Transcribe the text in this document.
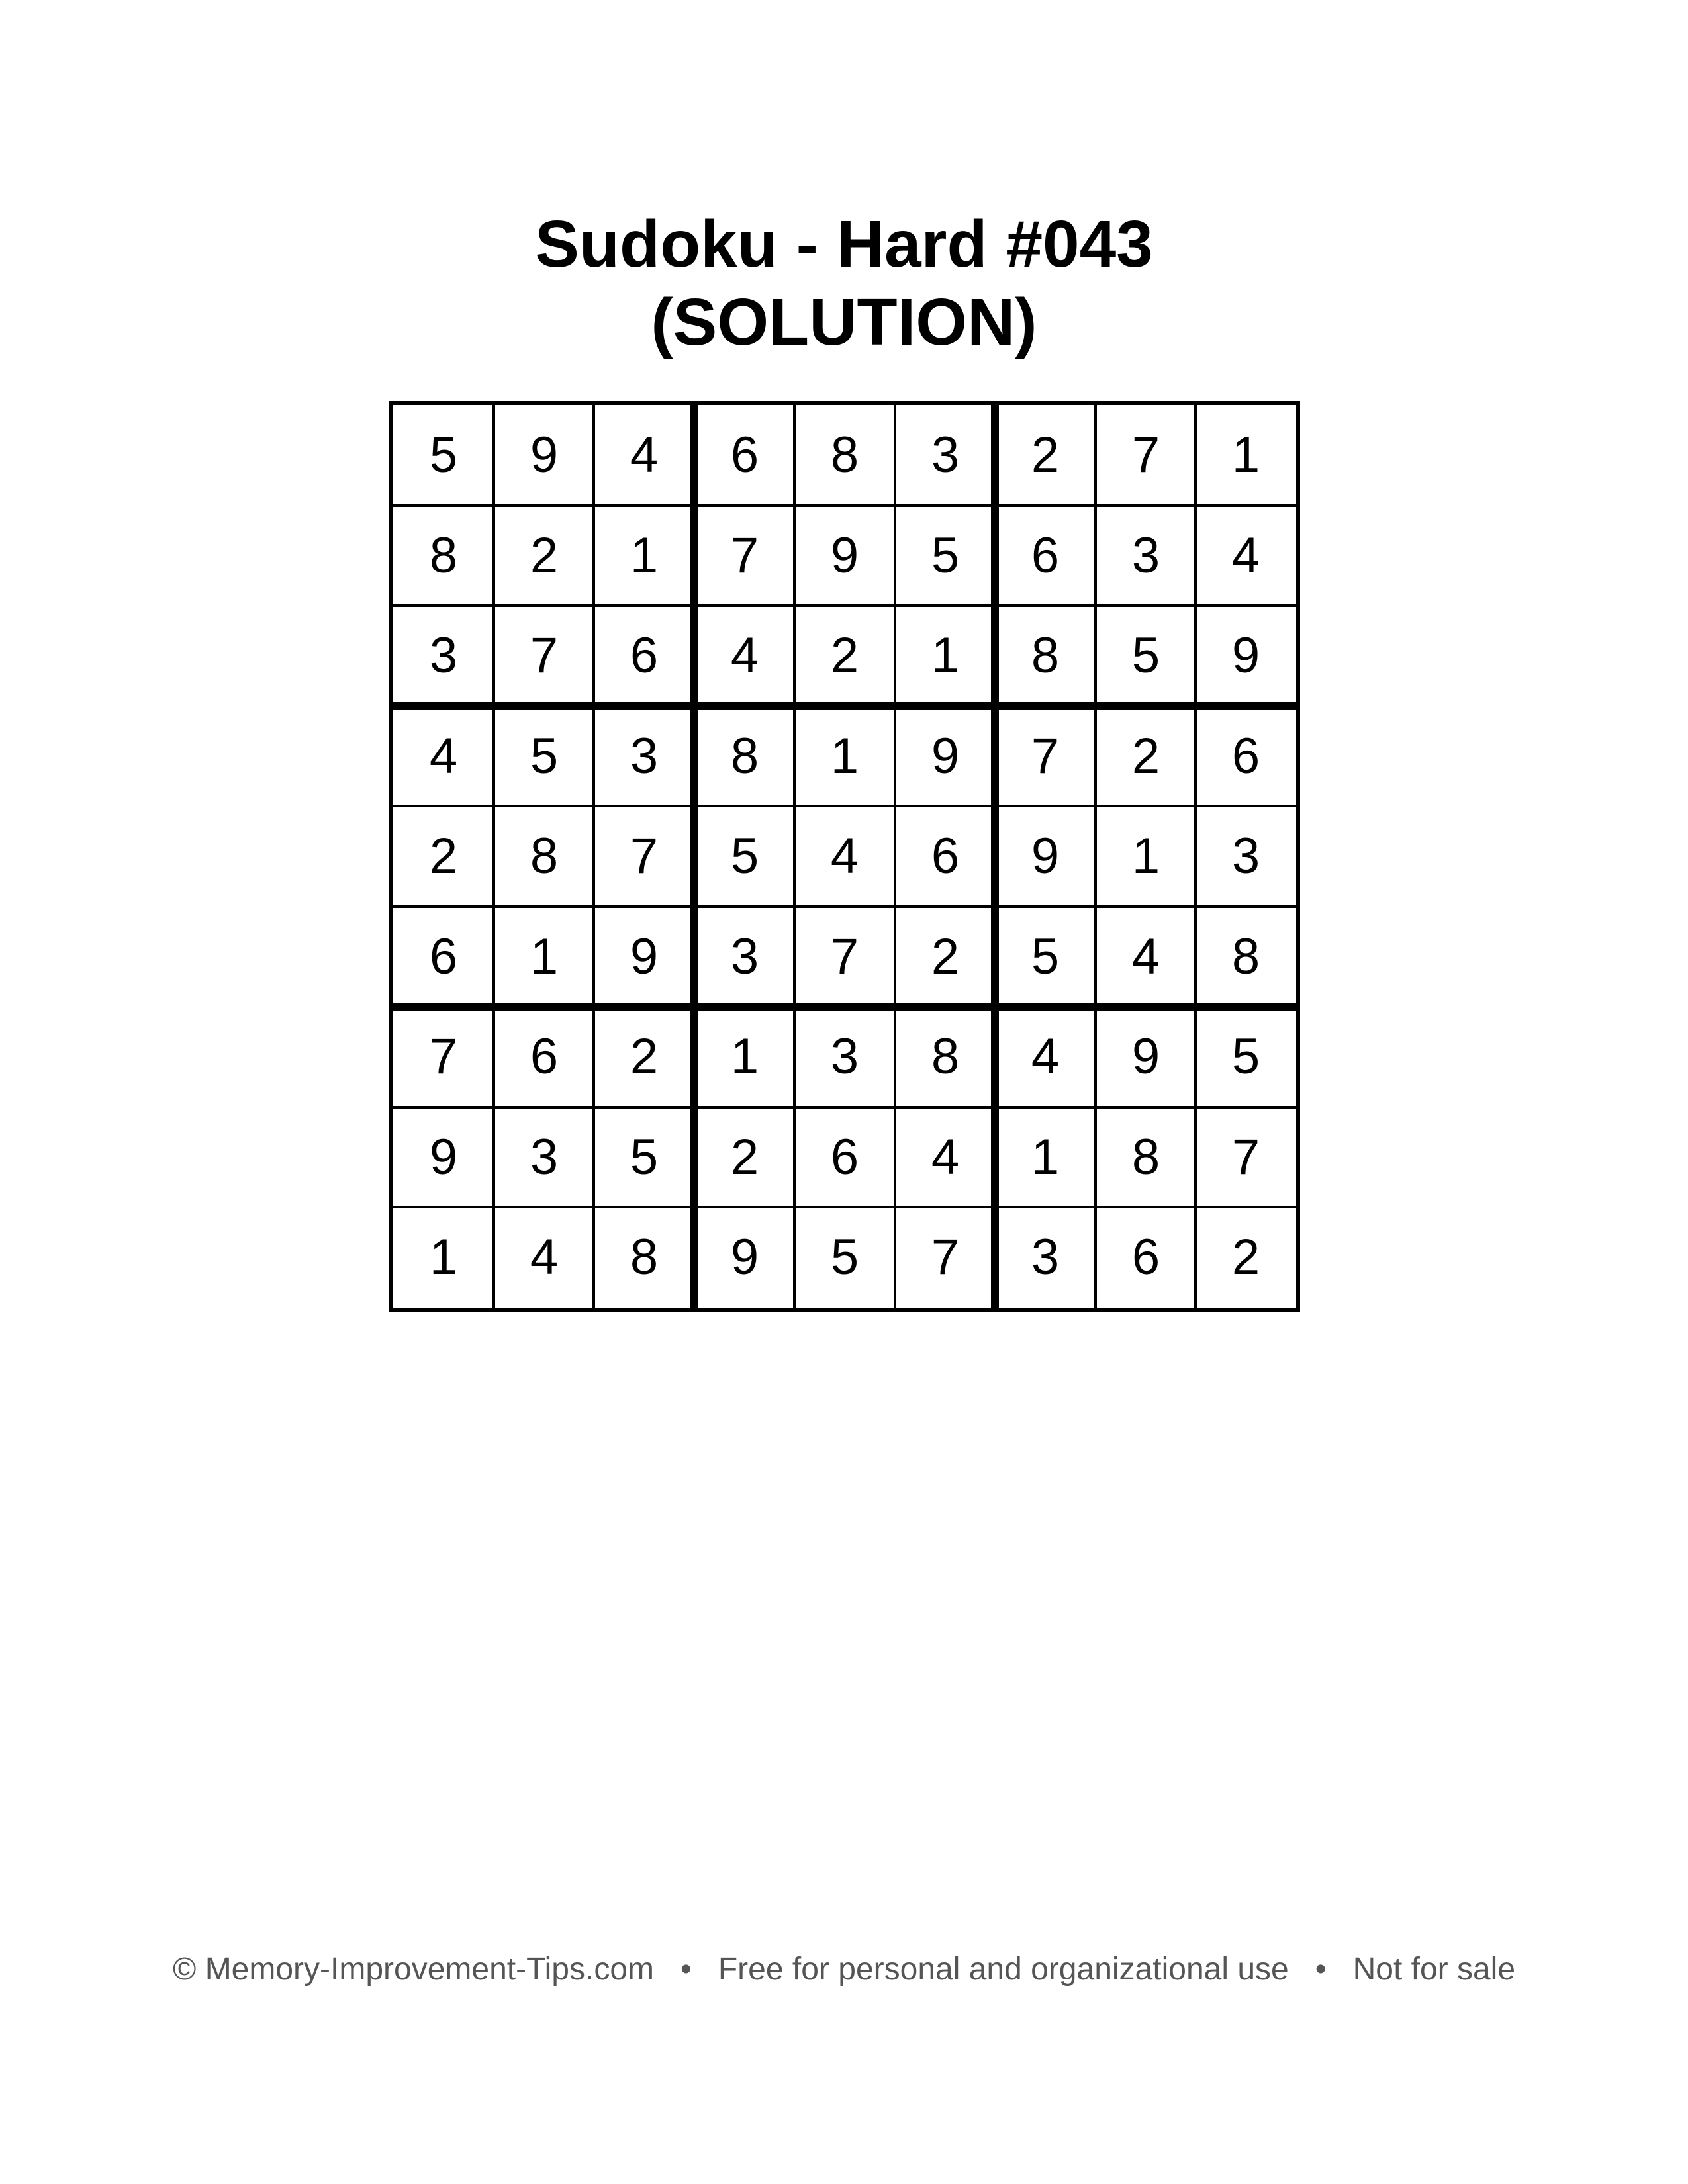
Sudoku - Hard #043
(SOLUTION)
5	9	4	6	8	3	2	7	1
8	2	1	7	9	5	6	3	4
3	7	6	4	2	1	8	5	9
4	5	3	8	1	9	7	2	6
2	8	7	5	4	6	9	1	3
6	1	9	3	7	2	5	4	8
7	6	2	1	3	8	4	9	5
9	3	5	2	6	4	1	8	7
1	4	8	9	5	7	3	6	2
© Memory-Improvement-Tips.com • Free for personal and organizational use • Not for sale
